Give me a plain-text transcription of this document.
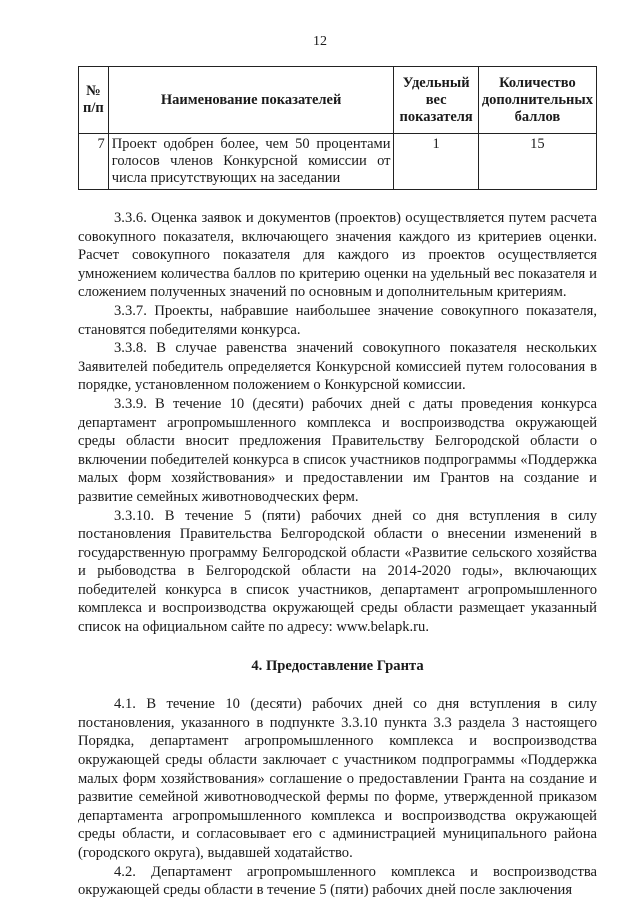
12
№ п/п	Наименование показателей	Удельный вес показателя	Количество дополнительных баллов
7	Проект одобрен более, чем 50 процентами голосов членов Конкурсной комиссии от числа присутствующих на заседании	1	15

3.3.6. Оценка заявок и документов (проектов) осуществляется путем расчета совокупного показателя, включающего значения каждого из критериев оценки. Расчет совокупного показателя для каждого из проектов осуществляется умножением количества баллов по критерию оценки на удельный вес показателя и сложением полученных значений по основным и дополнительным критериям.

3.3.7. Проекты, набравшие наибольшее значение совокупного показателя, становятся победителями конкурса.

3.3.8. В случае равенства значений совокупного показателя нескольких Заявителей победитель определяется Конкурсной комиссией путем голосования в порядке, установленном положением о Конкурсной комиссии.

3.3.9. В течение 10 (десяти) рабочих дней с даты проведения конкурса департамент агропромышленного комплекса и воспроизводства окружающей среды области вносит предложения Правительству Белгородской области о включении победителей конкурса в список участников подпрограммы «Поддержка малых форм хозяйствования» и предоставлении им Грантов на создание и развитие семейных животноводческих ферм.

3.3.10. В течение 5 (пяти) рабочих дней со дня вступления в силу постановления Правительства Белгородской области о внесении изменений в государственную программу Белгородской области «Развитие сельского хозяйства и рыбоводства в Белгородской области на 2014-2020 годы», включающих победителей конкурса в список участников, департамент агропромышленного комплекса и воспроизводства окружающей среды области размещает указанный список на официальном сайте по адресу: www.belapk.ru.

4. Предоставление Гранта

4.1. В течение 10 (десяти) рабочих дней со дня вступления в силу постановления, указанного в подпункте 3.3.10 пункта 3.3 раздела 3 настоящего Порядка, департамент агропромышленного комплекса и воспроизводства окружающей среды области заключает с участником подпрограммы «Поддержка малых форм хозяйствования» соглашение о предоставлении Гранта на создание и развитие семейной животноводческой фермы по форме, утвержденной приказом департамента агропромышленного комплекса и воспроизводства окружающей среды области, и согласовывает его с администрацией муниципального района (городского округа), выдавшей ходатайство.

4.2. Департамент агропромышленного комплекса и воспроизводства окружающей среды области в течение 5 (пяти) рабочих дней после заключения
